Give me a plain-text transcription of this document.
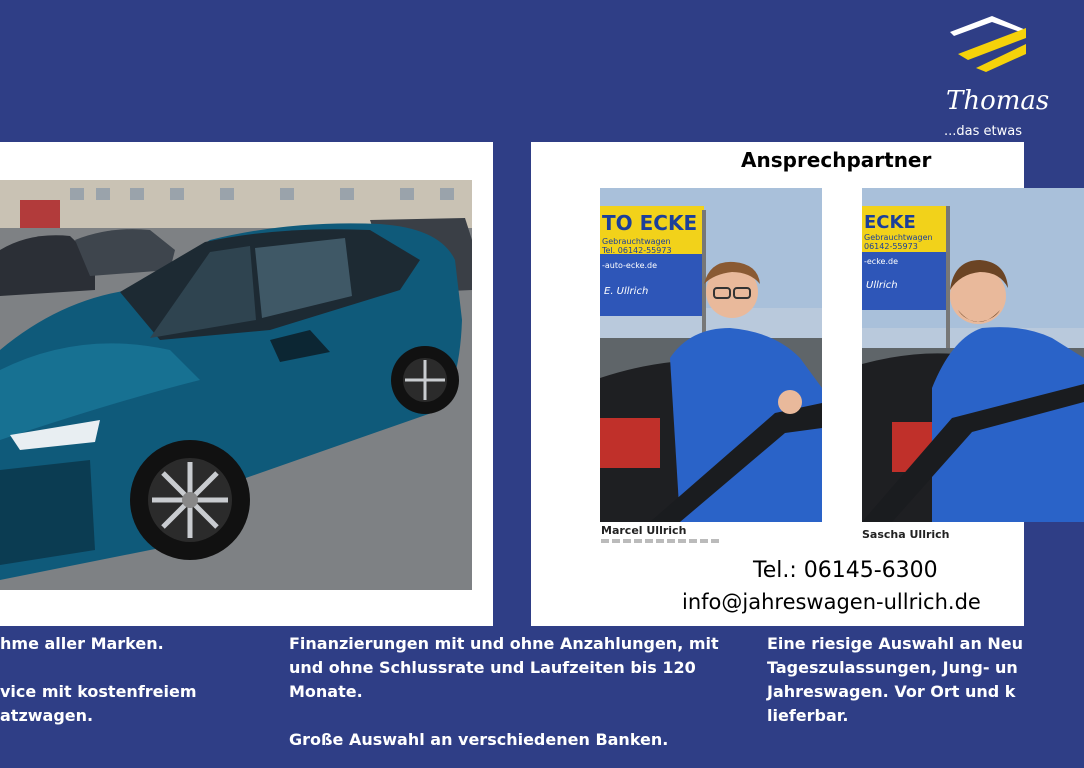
Thomas
...das etwas
Ansprechpartner
TO ECKE
Gebrauchtwagen
Tel. 06142-55973
-auto-ecke.de
E. Ullrich
Marcel Ullrich
ECKE
Gebrauchtwagen
06142-55973
-ecke.de
Ullrich
Sascha Ullrich
Tel.: 06145-6300
info@jahreswagen-ullrich.de

hme aller Marken.

vice mit kostenfreiem

atzwagen.

Finanzierungen mit und ohne Anzahlungen, mit

und ohne Schlussrate und Laufzeiten bis 120

Monate.

Große Auswahl an verschiedenen Banken.

Eine riesige Auswahl an Neu

Tageszulassungen, Jung- un

Jahreswagen. Vor Ort und k

lieferbar.
